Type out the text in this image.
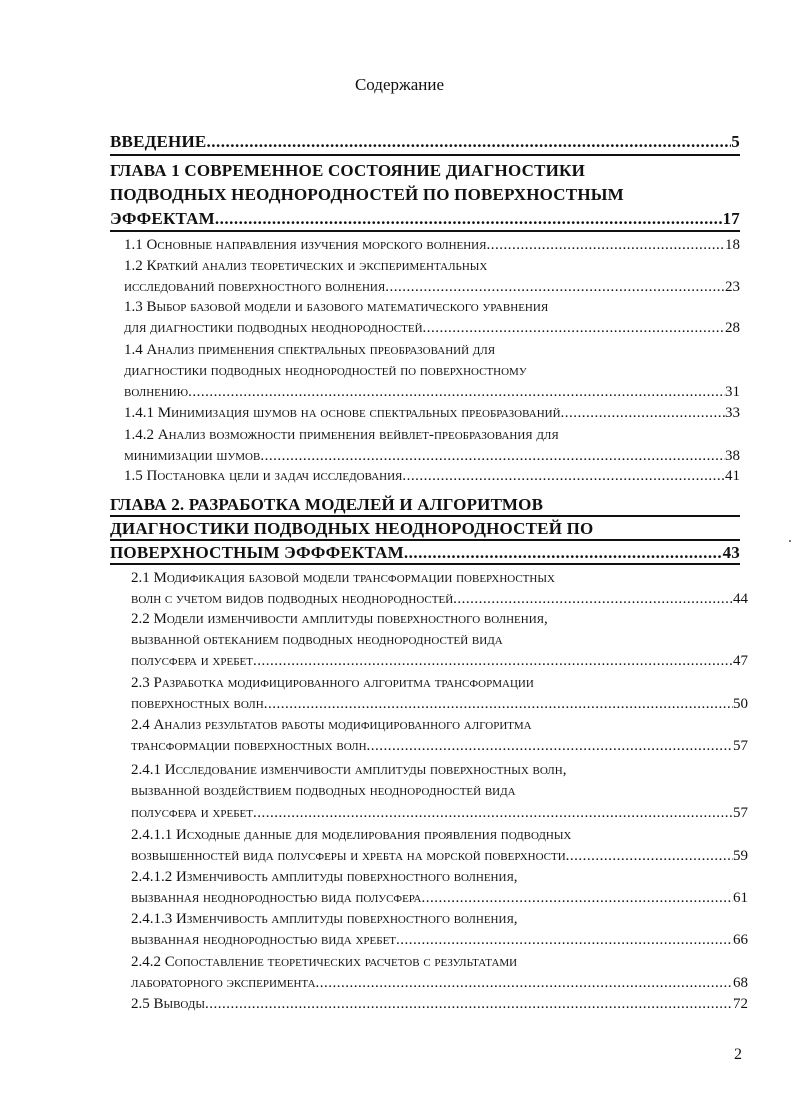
Содержание
ВВЕДЕНИЕ .....	5
ГЛАВА 1 СОВРЕМЕННОЕ СОСТОЯНИЕ ДИАГНОСТИКИ
ПОДВОДНЫХ НЕОДНОРОДНОСТЕЙ ПО ПОВЕРХНОСТНЫМ
ЭФФЕКТАМ .....	17
1.1 Основные направления изучения морского волнения .....	18
1.2 Краткий анализ теоретических и экспериментальных
исследований поверхностного волнения .....	23
1.3 Выбор базовой модели и базового математического уравнения
для диагностики подводных неоднородностей .....	28
1.4 Анализ применения спектральных преобразований для
диагностики подводных неоднородностей по поверхностному
волнению .....	31
1.4.1 Минимизация шумов на основе спектральных преобразований .....	33
1.4.2 Анализ возможности применения вейвлет-преобразования для
минимизации шумов .....	38
1.5 Постановка цели и задач исследования .....	41
ГЛАВА 2. РАЗРАБОТКА МОДЕЛЕЙ И АЛГОРИТМОВ
ДИАГНОСТИКИ ПОДВОДНЫХ НЕОДНОРОДНОСТЕЙ ПО
ПОВЕРХНОСТНЫМ ЭФФФЕКТАМ .....	43
2.1 Модификация базовой модели трансформации поверхностных
волн с учетом видов подводных неоднородностей .....	44
2.2 Модели изменчивости амплитуды поверхностного волнения,
вызванной обтеканием подводных неоднородностей вида
полусфера и хребет .....	47
2.3 Разработка модифицированного алгоритма трансформации
поверхностных волн .....	50
2.4 Анализ результатов работы модифицированного алгоритма
трансформации поверхностных волн .....	57
2.4.1 Исследование изменчивости амплитуды поверхностных волн,
вызванной воздействием подводных неоднородностей вида
полусфера и хребет .....	57
2.4.1.1 Исходные данные для моделирования проявления подводных
возвышенностей вида полусферы и хребта на морской поверхности .....	59
2.4.1.2 Изменчивость амплитуды поверхностного волнения,
вызванная неоднородностью вида полусфера .....	61
2.4.1.3 Изменчивость амплитуды поверхностного волнения,
вызванная неоднородностью вида хребет .....	66
2.4.2 Сопоставление теоретических расчетов с результатами
лабораторного эксперимента .....	68
2.5 Выводы .....	72
2
